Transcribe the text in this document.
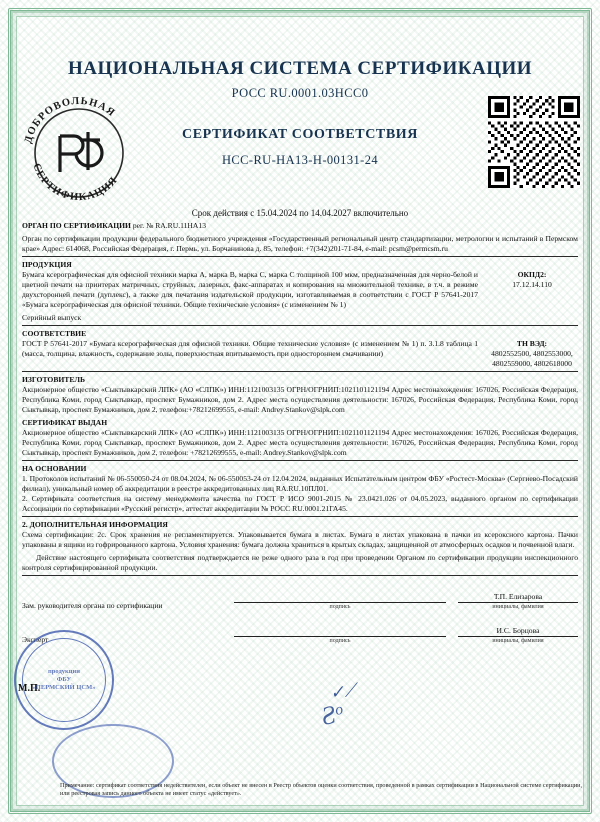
НАЦИОНАЛЬНАЯ СИСТЕМА СЕРТИФИКАЦИИ
РОСС RU.0001.03НСС0
СЕРТИФИКАТ СООТВЕТСТВИЯ
НСС-RU-НА13-Н-00131-24
Срок действия с 15.04.2024 по 14.04.2027 включительно
ОРГАН ПО СЕРТИФИКАЦИИ рег. № RA.RU.11НА13
Орган по сертификации продукции федерального бюджетного учреждения «Государственный региональный центр стандартизации, метрологии и испытаний в Пермском крае» Адрес: 614068, Российская Федерация, г. Пермь, ул. Борчанинова д. 85, телефон: +7(342)201-71-84, e-mail: pcsm@permcsm.ru
ПРОДУКЦИЯ
Бумага ксерографическая для офисной техники марка А, марка В, марка С, марка С толщиной 100 мкм, предназначенная для черно-белой и цветной печати на принтерах матричных, струйных, лазерных, факс-аппаратах и копирования на множительной технике, в т.ч. в режиме двухсторонней печати (дуплекс), а также для печатания издательской продукции, изготавливаемая в соответствии с ГОСТ Р 57641-2017 «Бумага ксерографическая для офисной техники. Общие технические условия» (с изменением № 1)
ОКПД2:
17.12.14.110
Серийный выпуск
СООТВЕТСТВИЕ
ГОСТ Р 57641-2017 «Бумага ксерографическая для офисной техники. Общие технические условия» (с изменением № 1) п. 3.1.8 таблица 1 (масса, толщина, влажность, содержание золы, поверхностная впитываемость при одностороннем смачивании)
ТН ВЭД:
4802552500, 4802553000, 4802559000, 4802618000
ИЗГОТОВИТЕЛЬ
Акционерное общество «Сыктывкарский ЛПК» (АО «СЛПК») ИНН:1121003135 ОГРН/ОГРНИП:1021101121194 Адрес местонахождения: 167026, Российская Федерация, Республика Коми, город Сыктывкар, проспект Бумажников, дом 2. Адрес места осуществления деятельности: 167026, Российская Федерация, Республика Коми, город Сыктывкар, проспект Бумажников, дом 2, телефон:+78212699555, e-mail: Andrey.Stankov@slpk.com
СЕРТИФИКАТ ВЫДАН
Акционерное общество «Сыктывкарский ЛПК» (АО «СЛПК») ИНН:1121003135 ОГРН/ОГРНИП:1021101121194 Адрес местонахождения: 167026, Российская Федерация, Республика Коми, город Сыктывкар, проспект Бумажников, дом 2. Адрес места осуществления деятельности: 167026, Российская Федерация, Республика Коми, город Сыктывкар, проспект Бумажников, дом 2, телефон: +78212699555, e-mail: Andrey.Stankov@slpk.com
НА ОСНОВАНИИ
1. Протоколов испытаний № 06-550050-24 от 08.04.2024, № 06-550053-24 от 12.04.2024, выданных Испытательным центром ФБУ «Ростест-Москва» (Сергиево-Посадский филиал), уникальный номер об аккредитации в реестре аккредитованных лиц RA.RU.10ПЛ01.
2. Сертификата соответствия на систему менеджмента качества по ГОСТ Р ИСО 9001-2015 № 23.0421.026 от 04.05.2023, выданного органом по сертификации Ассоциации по сертификации «Русский регистр», аттестат аккредитации № РОСС RU.0001.21ГА45.
2. ДОПОЛНИТЕЛЬНАЯ ИНФОРМАЦИЯ
Схема сертификации: 2с. Срок хранения не регламентируется. Упаковывается бумага в листах. Бумага в листах упакована в пачки из ксероксного картона. Пачки упакованы в ящики из гофрированного картона. Условия хранения: бумага должна храниться в крытых складах, защищенной от атмосферных осадков и почвенной влаги.
Действие настоящего сертификата соответствия подтверждается не реже одного раза в год при проведении Органом по сертификации продукции инспекционного контроля сертифицированной продукции.
Зам. руководителя органа по сертификации	подпись
Т.П. Елизарова
инициалы, фамилия
Эксперт	подпись
И.С. Борцова
инициалы, фамилия
ДОБРОВОЛЬНАЯ
СЕРТИФИКАЦИЯ
✓‌⟋
Ƨᵒ
М.П.
продукции
ФБУ
«ПЕРМСКИЙ ЦСМ»
Примечание: сертификат соответствия недействителен, если объект не внесен в Реестр объектов оценки соответствия, проведенной в рамках сертификации в Национальной системе сертификации, или реестровая запись данного объекта не имеет статус «действует».
